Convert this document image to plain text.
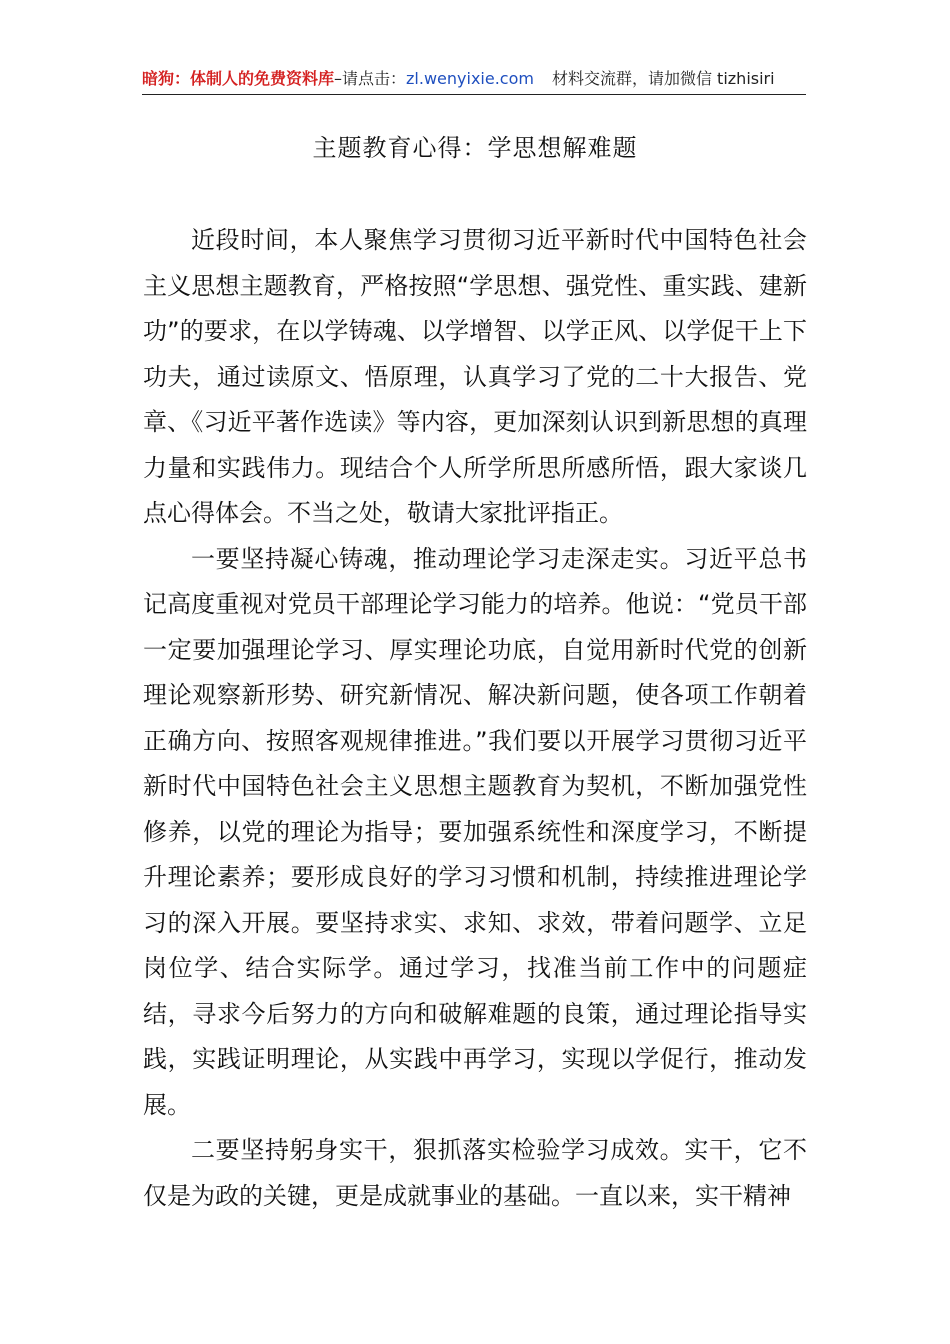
暗狗：体制人的免费资料库–请点击：zl.wenyixie.com 材料交流群，请加微信 tizhisiri
主题教育心得：学思想解难题

近段时间，本人聚焦学习贯彻习近平新时代中国特色社会主义思想主题教育，严格按照“学思想、强党性、重实践、建新功”的要求，在以学铸魂、以学增智、以学正风、以学促干上下功夫，通过读原文、悟原理，认真学习了党的二十大报告、党章、《习近平著作选读》等内容，更加深刻认识到新思想的真理力量和实践伟力。现结合个人所学所思所感所悟，跟大家谈几点心得体会。不当之处，敬请大家批评指正。

一要坚持凝心铸魂，推动理论学习走深走实。习近平总书记高度重视对党员干部理论学习能力的培养。他说：“党员干部一定要加强理论学习、厚实理论功底，自觉用新时代党的创新理论观察新形势、研究新情况、解决新问题，使各项工作朝着正确方向、按照客观规律推进。”我们要以开展学习贯彻习近平新时代中国特色社会主义思想主题教育为契机，不断加强党性修养，以党的理论为指导；要加强系统性和深度学习，不断提升理论素养；要形成良好的学习习惯和机制，持续推进理论学习的深入开展。要坚持求实、求知、求效，带着问题学、立足岗位学、结合实际学。通过学习，找准当前工作中的问题症结，寻求今后努力的方向和破解难题的良策，通过理论指导实践，实践证明理论，从实践中再学习，实现以学促行，推动发展。

二要坚持躬身实干，狠抓落实检验学习成效。实干，它不仅是为政的关键，更是成就事业的基础。一直以来，实干精神
